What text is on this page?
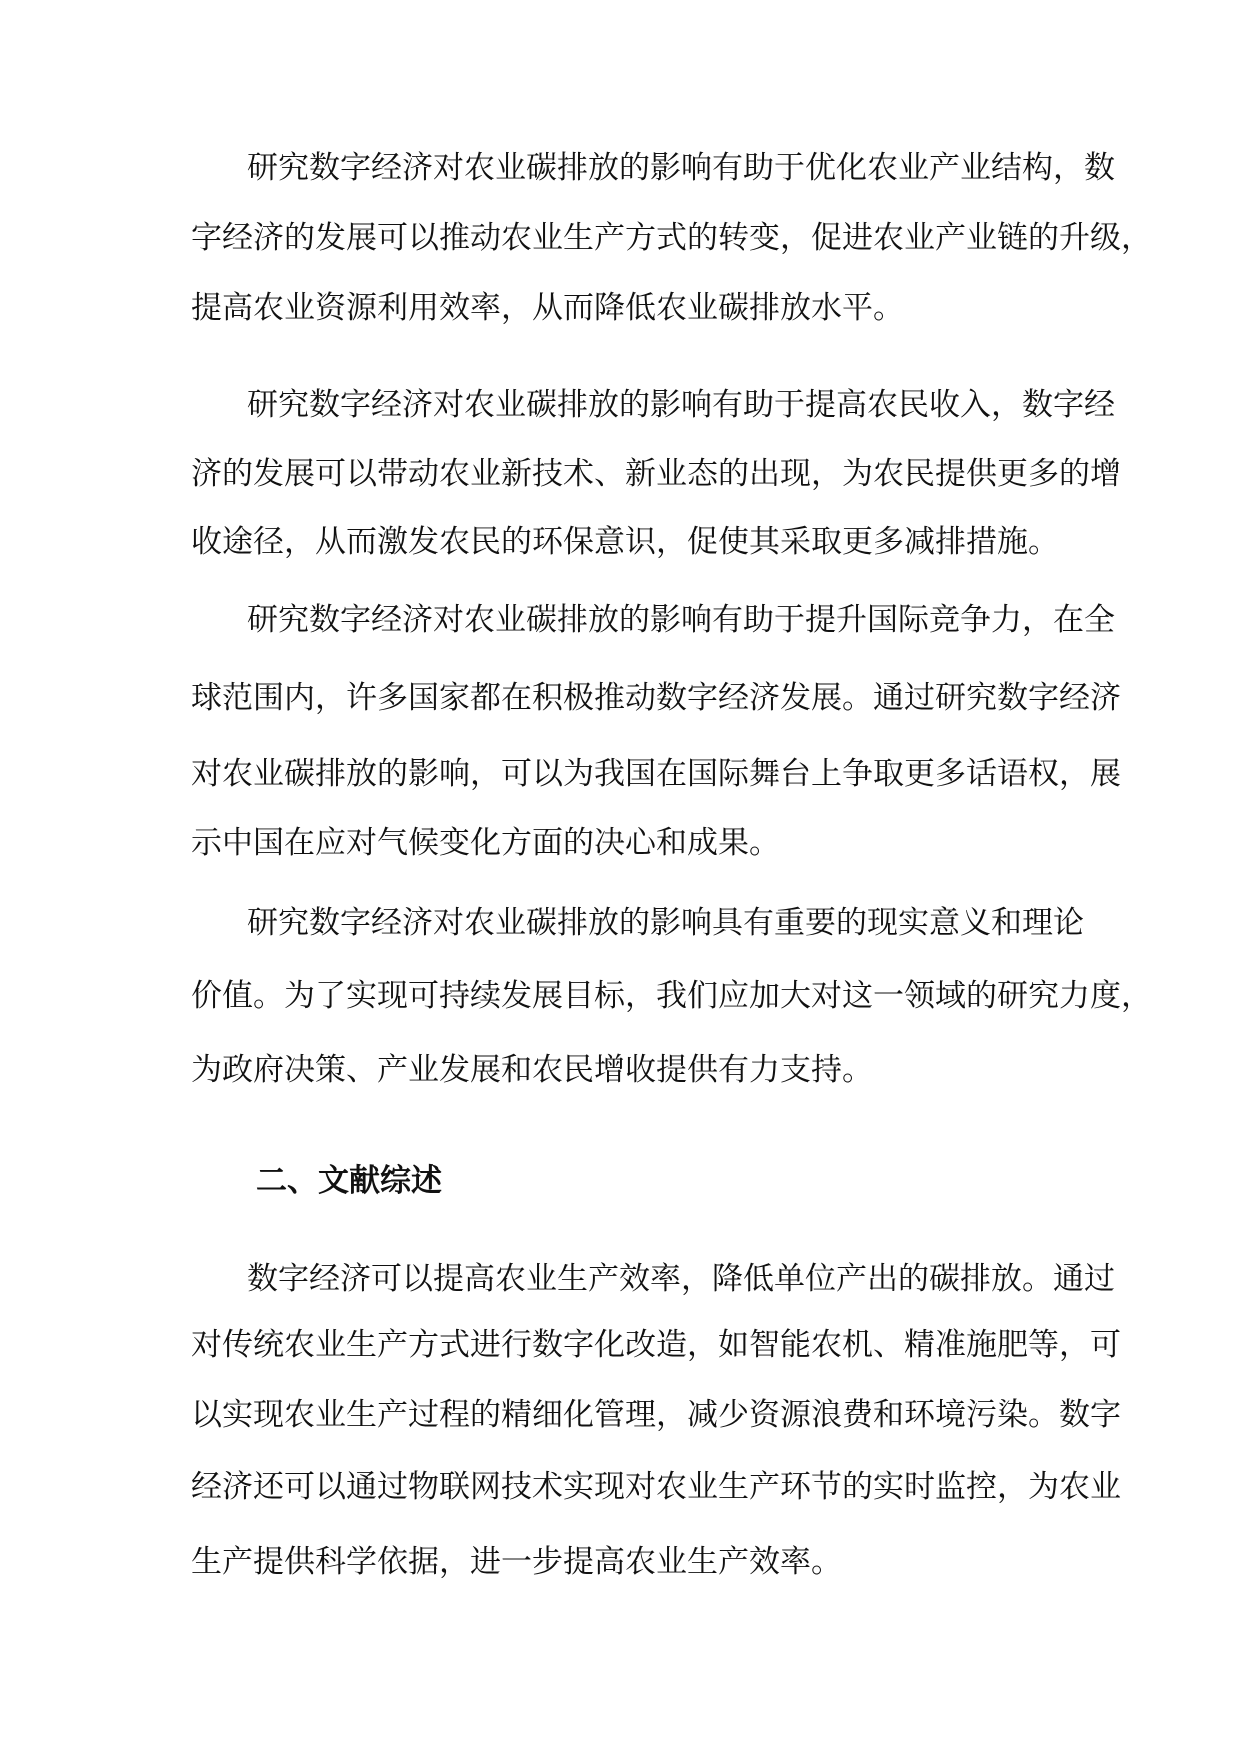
研究数字经济对农业碳排放的影响有助于优化农业产业结构，数

字经济的发展可以推动农业生产方式的转变，促进农业产业链的升级，

提高农业资源利用效率，从而降低农业碳排放水平。

研究数字经济对农业碳排放的影响有助于提高农民收入，数字经

济的发展可以带动农业新技术、新业态的出现，为农民提供更多的增

收途径，从而激发农民的环保意识，促使其采取更多减排措施。

研究数字经济对农业碳排放的影响有助于提升国际竞争力，在全

球范围内，许多国家都在积极推动数字经济发展。通过研究数字经济

对农业碳排放的影响，可以为我国在国际舞台上争取更多话语权，展

示中国在应对气候变化方面的决心和成果。

研究数字经济对农业碳排放的影响具有重要的现实意义和理论

价值。为了实现可持续发展目标，我们应加大对这一领域的研究力度，

为政府决策、产业发展和农民增收提供有力支持。

二、文献综述

数字经济可以提高农业生产效率，降低单位产出的碳排放。通过

对传统农业生产方式进行数字化改造，如智能农机、精准施肥等，可

以实现农业生产过程的精细化管理，减少资源浪费和环境污染。数字

经济还可以通过物联网技术实现对农业生产环节的实时监控，为农业

生产提供科学依据，进一步提高农业生产效率。
